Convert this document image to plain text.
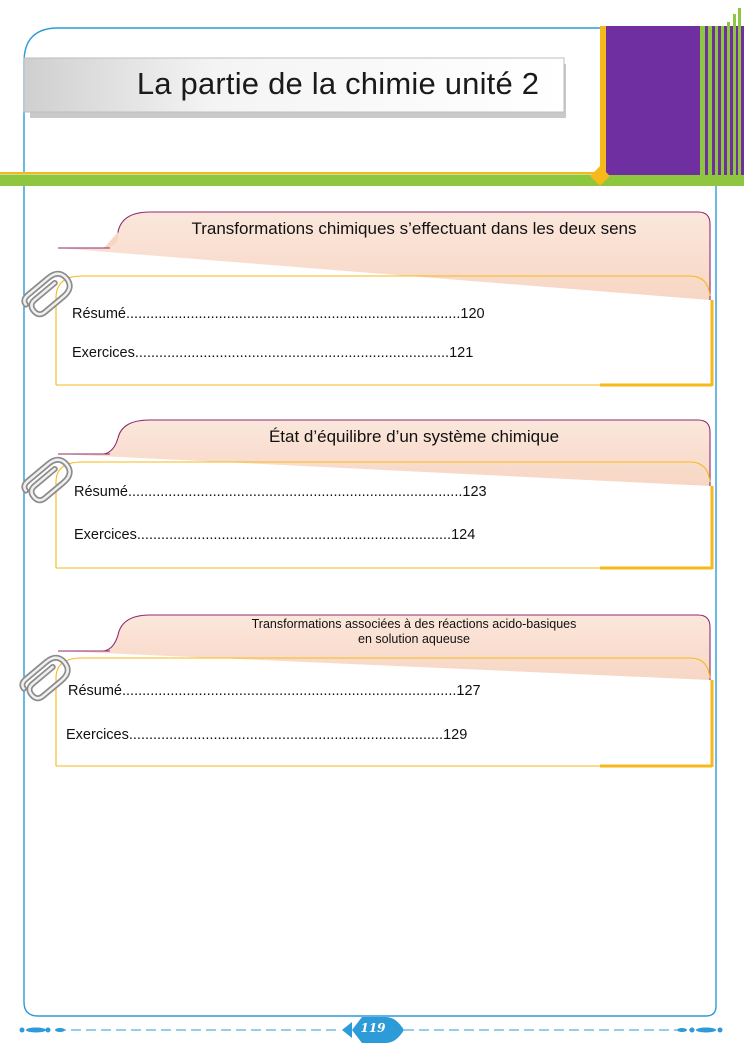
La partie de la chimie unité 2
Transformations chimiques s’effectuant dans les deux sens
Résumé...................................................................................120
Exercices..............................................................................121
État d’équilibre d’un système chimique
Résumé...................................................................................123
Exercices..............................................................................124
Transformations associées à des réactions acido-basiques
en solution aqueuse
Résumé...................................................................................127
Exercices..............................................................................129
119
